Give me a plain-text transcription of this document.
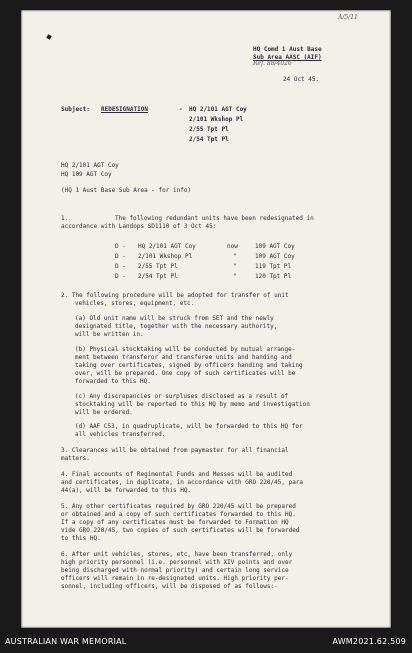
A/5/11
HQ Comd 1 Aust Base
Sub Area AASC (AIF)
Ref. 88/4026
24 Oct 45.
Subject: REDESIGNATION	- HQ 2/101 AGT Coy
2/101 Wkshop Pl
2/55 Tpt Pl
2/54 Tpt Pl
HQ 2/101 AGT Coy
HQ 109 AGT Coy
(HQ 1 Aust Base Sub Area - for info)
1.	The following redundant units have been redesignated in
accordance with Landops SD1110 of 3 Oct 45:
D - HQ 2/101 AGT Coy	now	109 AGT Coy
D - 2/101 Wkshop Pl	"	109 AGT Coy
D - 2/55 Tpt Pl	"	119 Tpt Pl
D - 2/54 Tpt Pl	"	120 Tpt Pl
2. The following procedure will be adopted for transfer of unit
vehicles, stores, equipment, etc.
(a) Old unit name will be struck from SET and the newly
designated title, together with the necessary authority,
will be written in.
(b) Physical stocktaking will be conducted by mutual arrange-
ment between transferor and transferee units and handing and
taking over certificates, signed by officers handing and taking
over, will be prepared. One copy of such certificates will be
forwarded to this HQ.
(c) Any discrepancies or surpluses disclosed as a result of
stocktaking will be reported to this HQ by memo and investigation
will be ordered.
(d) AAF C53, in quadruplicate, will be forwarded to this HQ for
all vehicles transferred.
3. Clearances will be obtained from paymaster for all financial
matters.
4. Final accounts of Regimental Funds and Messes will be audited
and certificates, in duplicate, in accordance with GRO 220/45, para
44(a), will be forwarded to this HQ.
5. Any other certificates required by GRO 220/45 will be prepared
or obtained and a copy of such certificates forwarded to this HQ.
If a copy of any certificates must be forwarded to Formation HQ
vide GRO 220/45, two copies of such certificates will be forwarded
to this HQ.
6. After unit vehicles, stores, etc, have been transferred, only
high priority personnel (i.e. personnel with XIV points and over
being discharged with normal priority) and certain long service
officers will remain in re-designated units. High priority per-
sonnel, including officers, will be disposed of as follows:-
AUSTRALIAN WAR MEMORIAL	AWM2021.62.509
